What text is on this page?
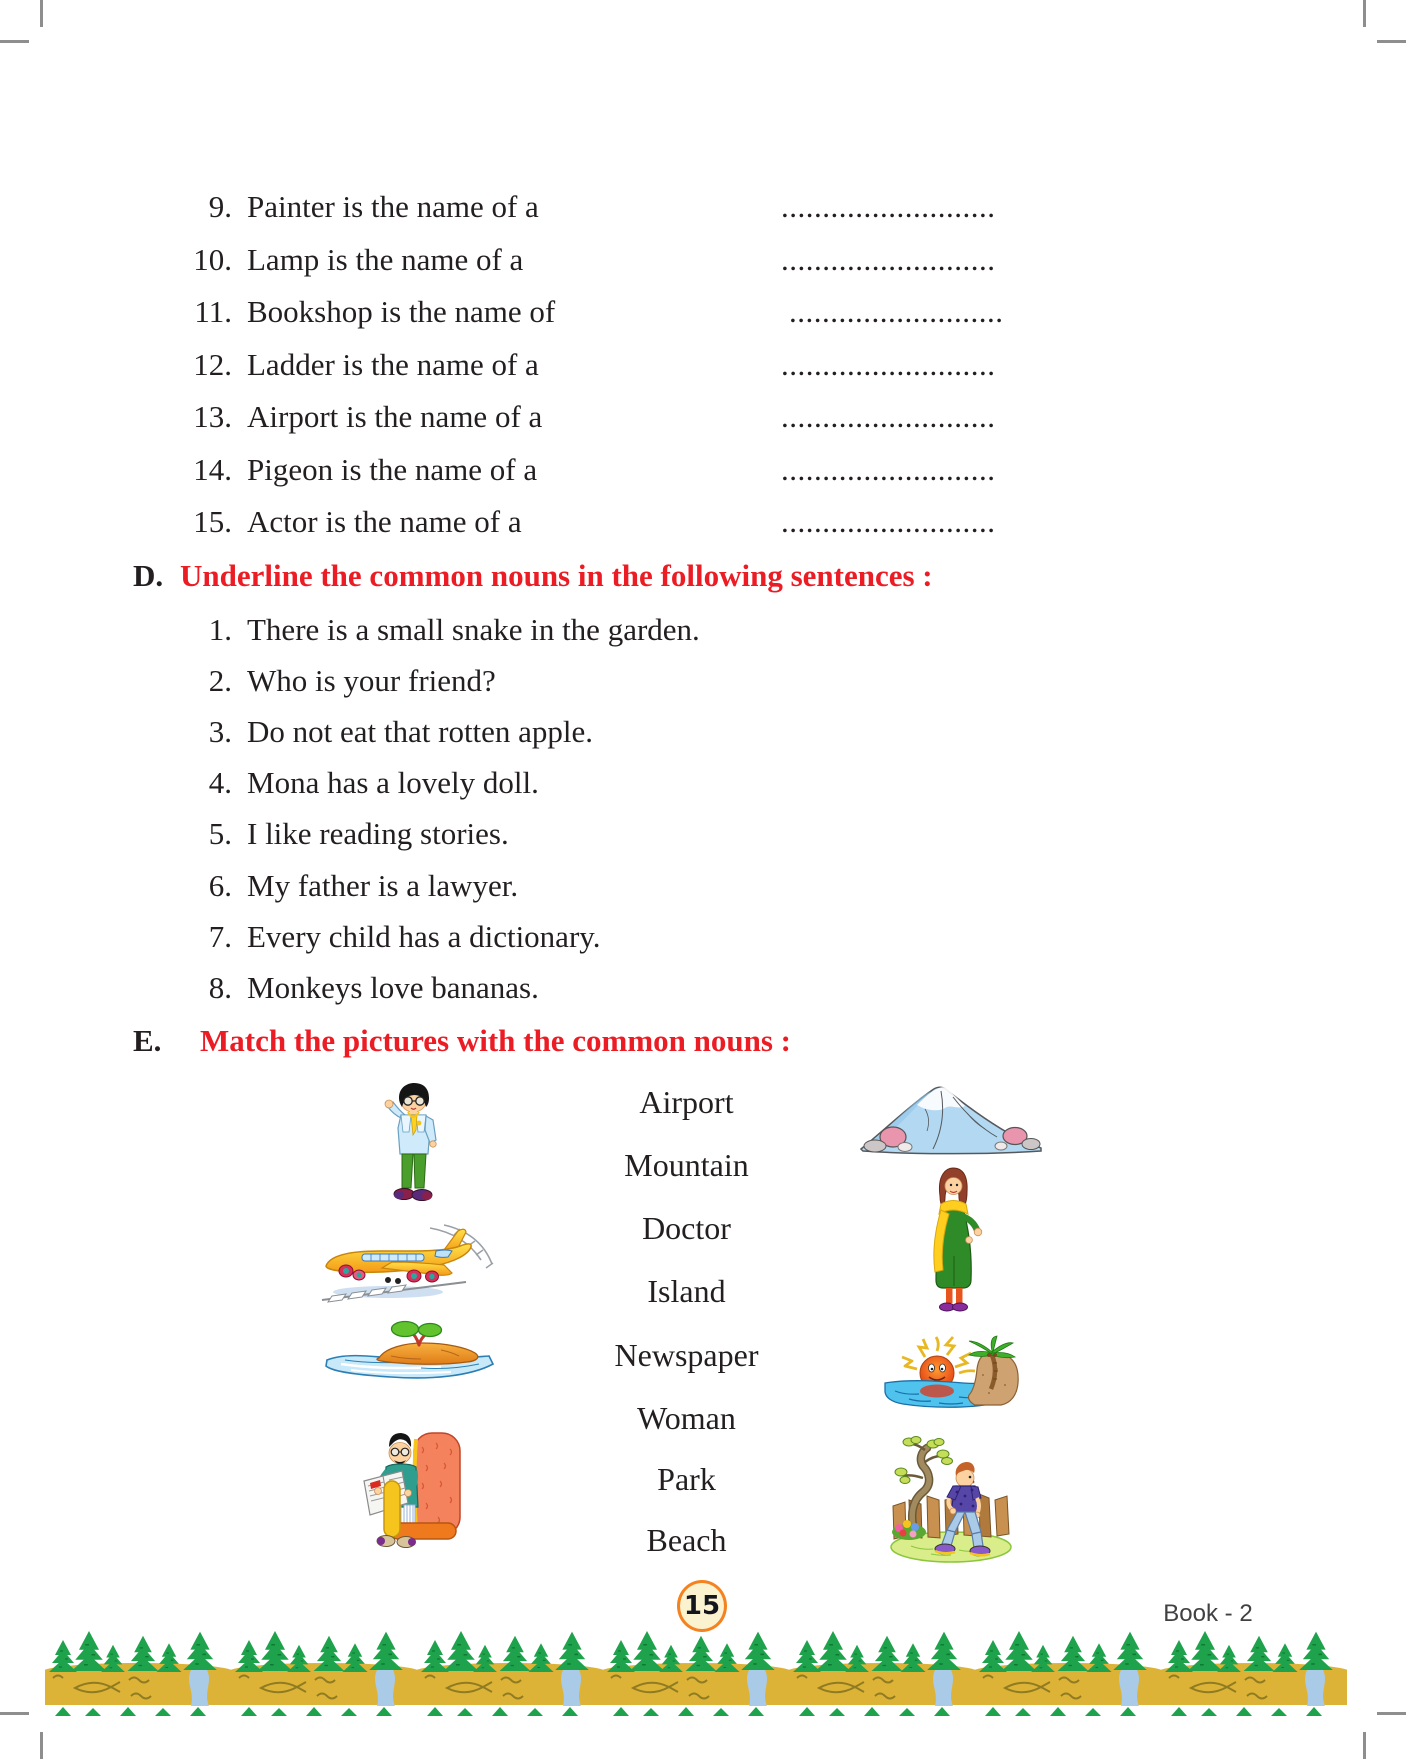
9. Painter is the name of a	..........................
10. Lamp is the name of a	..........................
11. Bookshop is the name of	..........................
12. Ladder is the name of a	..........................
13. Airport is the name of a	..........................
14. Pigeon is the name of a	..........................
15. Actor is the name of a	..........................
D. Underline the common nouns in the following sentences :
1. There is a small snake in the garden.
2. Who is your friend?
3. Do not eat that rotten apple.
4. Mona has a lovely doll.
5. I like reading stories.
6. My father is a lawyer.
7. Every child has a dictionary.
8. Monkeys love bananas.
E. Match the pictures with the common nouns :
Airport
Mountain
Doctor
Island
Newspaper
Woman
Park
Beach
15	Book - 2
